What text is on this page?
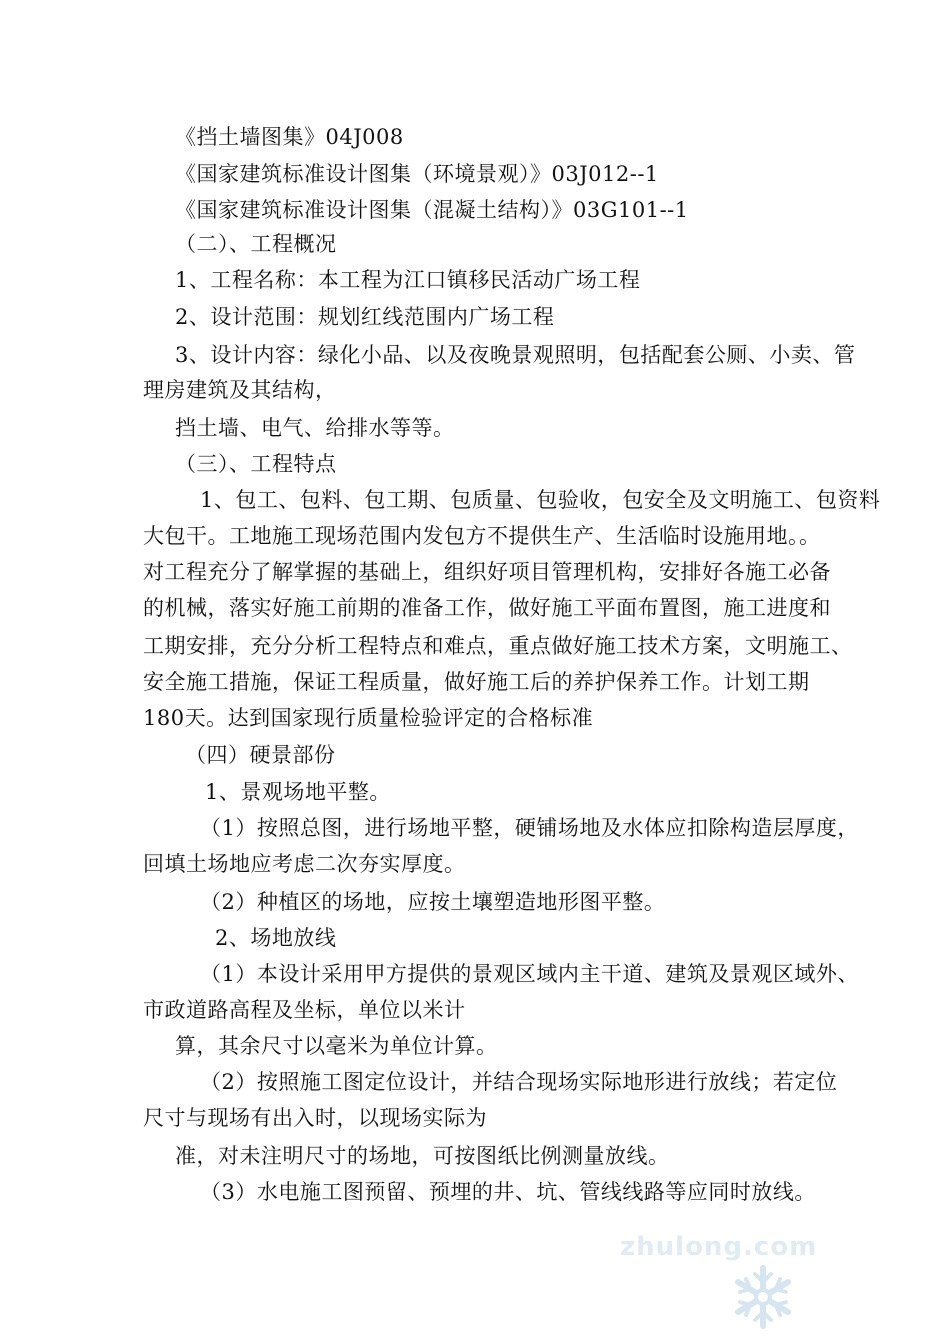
《挡土墙图集》04J008
《国家建筑标准设计图集（环境景观）》03J012--1
《国家建筑标准设计图集（混凝土结构）》03G101--1
（二）、工程概况
1、工程名称：本工程为江口镇移民活动广场工程
2、设计范围：规划红线范围内广场工程
3、设计内容：绿化小品、以及夜晚景观照明，包括配套公厕、小卖、管
理房建筑及其结构，
挡土墙、电气、给排水等等。
（三）、工程特点
1、包工、包料、包工期、包质量、包验收，包安全及文明施工、包资料
大包干。工地施工现场范围内发包方不提供生产、生活临时设施用地。。
对工程充分了解掌握的基础上，组织好项目管理机构，安排好各施工必备
的机械，落实好施工前期的准备工作，做好施工平面布置图，施工进度和
工期安排，充分分析工程特点和难点，重点做好施工技术方案，文明施工、
安全施工措施，保证工程质量，做好施工后的养护保养工作。计划工期
180天。达到国家现行质量检验评定的合格标准
（四）硬景部份
1、景观场地平整。
（1）按照总图，进行场地平整，硬铺场地及水体应扣除构造层厚度，
回填土场地应考虑二次夯实厚度。
（2）种植区的场地，应按土壤塑造地形图平整。
2、场地放线
（1）本设计采用甲方提供的景观区域内主干道、建筑及景观区域外、
市政道路高程及坐标，单位以米计
算，其余尺寸以毫米为单位计算。
（2）按照施工图定位设计，并结合现场实际地形进行放线；若定位
尺寸与现场有出入时，以现场实际为
准，对未注明尺寸的场地，可按图纸比例测量放线。
（3）水电施工图预留、预埋的井、坑、管线线路等应同时放线。
zhulong.com
